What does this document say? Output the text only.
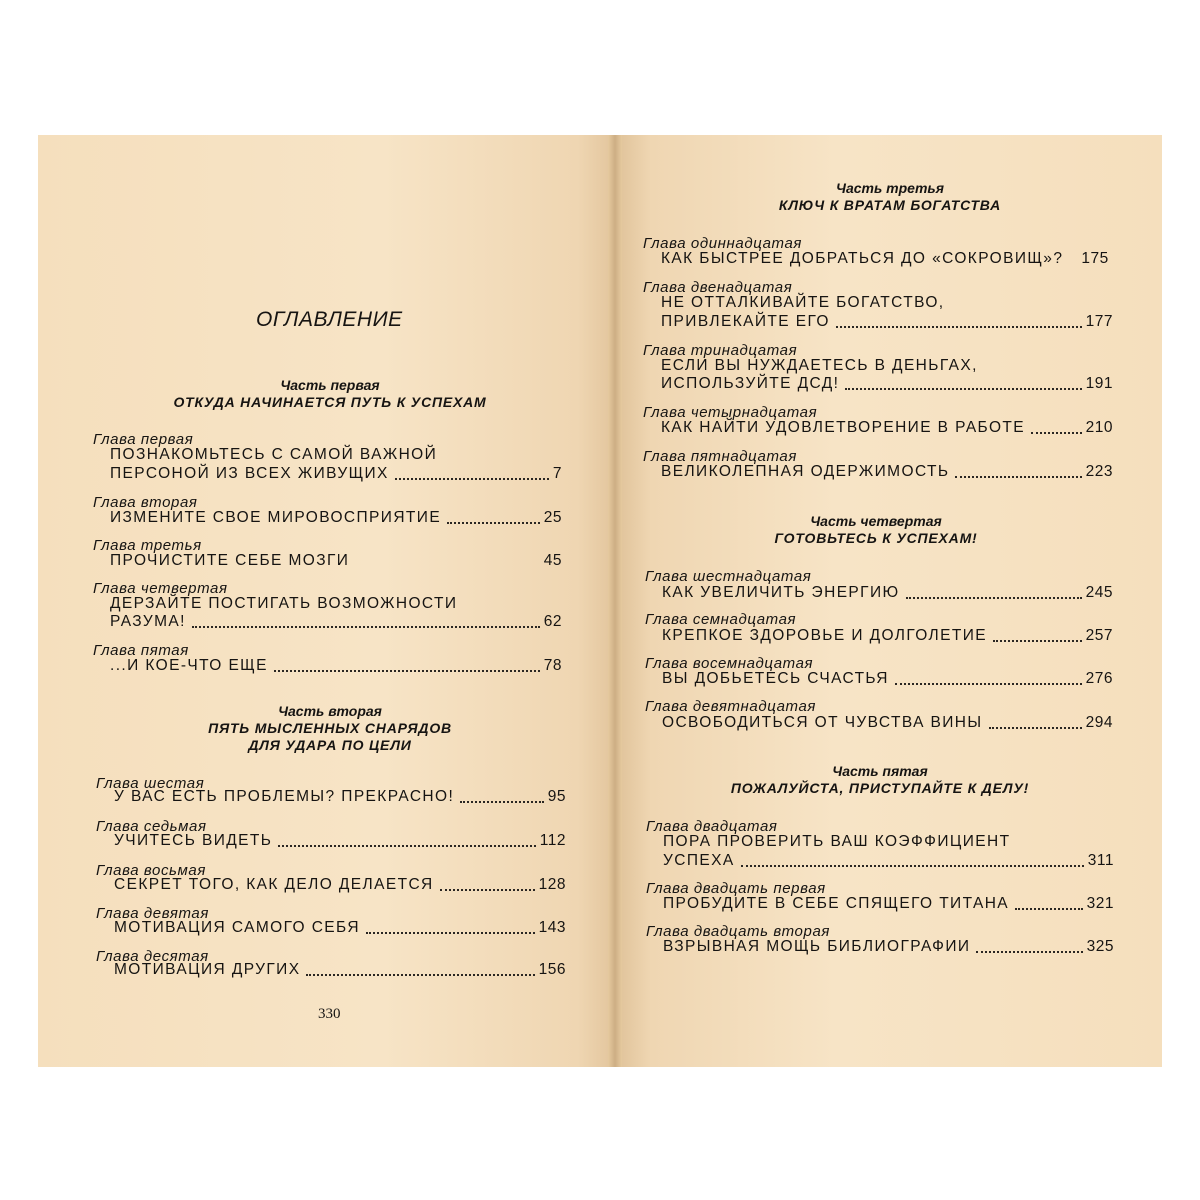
ОГЛАВЛЕНИЕ
Часть первая
ОТКУДА НАЧИНАЕТСЯ ПУТЬ К УСПЕХАМ
Глава первая
ПОЗНАКОМЬТЕСЬ С САМОЙ ВАЖНОЙ
ПЕРСОНОЙ ИЗ ВСЕХ ЖИВУЩИХ	7
Глава вторая
ИЗМЕНИТЕ СВОЕ МИРОВОСПРИЯТИЕ	25
Глава третья
ПРОЧИСТИТЕ СЕБЕ МОЗГИ	45
Глава четвертая
ДЕРЗАЙТЕ ПОСТИГАТЬ ВОЗМОЖНОСТИ
РАЗУМА!	62
Глава пятая
...И КОЕ-ЧТО ЕЩЕ	78
Часть вторая
ПЯТЬ МЫСЛЕННЫХ СНАРЯДОВ
ДЛЯ УДАРА ПО ЦЕЛИ
Глава шестая
У ВАС ЕСТЬ ПРОБЛЕМЫ? ПРЕКРАСНО!	95
Глава седьмая
УЧИТЕСЬ ВИДЕТЬ	112
Глава восьмая
СЕКРЕТ ТОГО, КАК ДЕЛО ДЕЛАЕТСЯ	128
Глава девятая
МОТИВАЦИЯ САМОГО СЕБЯ	143
Глава десятая
МОТИВАЦИЯ ДРУГИХ	156
330
Часть третья
КЛЮЧ К ВРАТАМ БОГАТСТВА
Глава одиннадцатая
КАК БЫСТРЕЕ ДОБРАТЬСЯ ДО «СОКРОВИЩ»? 175
Глава двенадцатая
НЕ ОТТАЛКИВАЙТЕ БОГАТСТВО,
ПРИВЛЕКАЙТЕ ЕГО	177
Глава тринадцатая
ЕСЛИ ВЫ НУЖДАЕТЕСЬ В ДЕНЬГАХ,
ИСПОЛЬЗУЙТЕ ДСД!	191
Глава четырнадцатая
КАК НАЙТИ УДОВЛЕТВОРЕНИЕ В РАБОТЕ	210
Глава пятнадцатая
ВЕЛИКОЛЕПНАЯ ОДЕРЖИМОСТЬ	223
Часть четвертая
ГОТОВЬТЕСЬ К УСПЕХАМ!
Глава шестнадцатая
КАК УВЕЛИЧИТЬ ЭНЕРГИЮ	245
Глава семнадцатая
КРЕПКОЕ ЗДОРОВЬЕ И ДОЛГОЛЕТИЕ	257
Глава восемнадцатая
ВЫ ДОБЬЕТЕСЬ СЧАСТЬЯ	276
Глава девятнадцатая
ОСВОБОДИТЬСЯ ОТ ЧУВСТВА ВИНЫ	294
Часть пятая
ПОЖАЛУЙСТА, ПРИСТУПАЙТЕ К ДЕЛУ!
Глава двадцатая
ПОРА ПРОВЕРИТЬ ВАШ КОЭФФИЦИЕНТ
УСПЕХА	311
Глава двадцать первая
ПРОБУДИТЕ В СЕБЕ СПЯЩЕГО ТИТАНА	321
Глава двадцать вторая
ВЗРЫВНАЯ МОЩЬ БИБЛИОГРАФИИ	325
